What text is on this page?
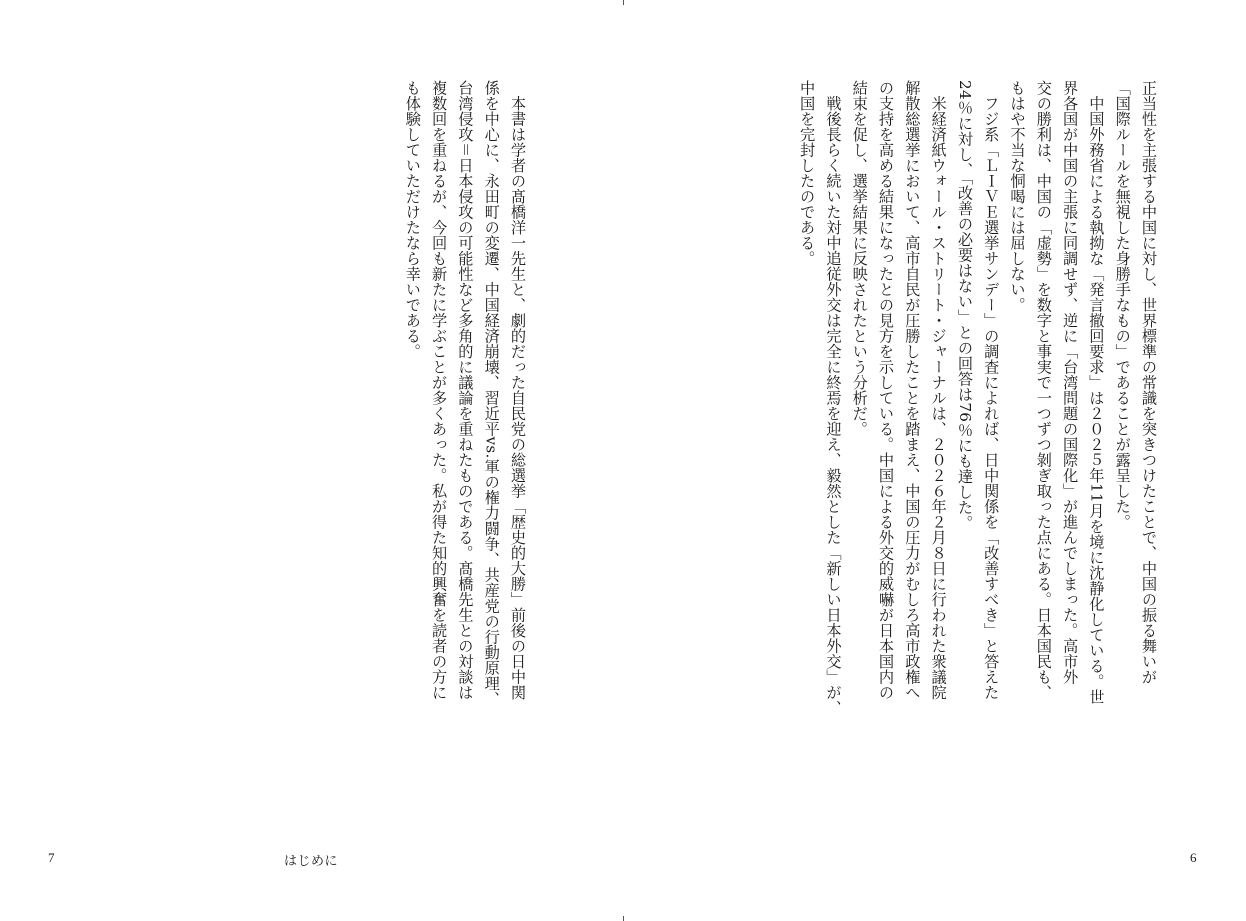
正当性を主張する中国に対し、世界標準の常識を突きつけたことで、中国の振る舞いが
「国際ルールを無視した身勝手なもの」であることが露呈した。
　中国外務省による執拗な「発言撤回要求」は２０２５年11月を境に沈静化している。世
界各国が中国の主張に同調せず、逆に「台湾問題の国際化」が進んでしまった。高市外
交の勝利は、中国の「虚勢」を数字と事実で一つずつ剝ぎ取った点にある。日本国民も、
もはや不当な恫喝には屈しない。
　フジ系「ＬＩＶＥ選挙サンデー」の調査によれば、日中関係を「改善すべき」と答えた
24％に対し、「改善の必要はない」との回答は76％にも達した。
　米経済紙ウォール・ストリート・ジャーナルは、２０２６年２月８日に行われた衆議院
解散総選挙において、高市自民が圧勝したことを踏まえ、中国の圧力がむしろ高市政権へ
の支持を高める結果になったとの見方を示している。中国による外交的威嚇が日本国内の
結束を促し、選挙結果に反映されたという分析だ。
　戦後長らく続いた対中追従外交は完全に終焉を迎え、毅然とした「新しい日本外交」が、
中国を完封したのである。
　本書は学者の髙橋洋一先生と、劇的だった自民党の総選挙「歴史的大勝」前後の日中関
係を中心に、永田町の変遷、中国経済崩壊、習近平vs.軍の権力闘争、共産党の行動原理、
台湾侵攻＝日本侵攻の可能性など多角的に議論を重ねたものである。髙橋先生との対談は
複数回を重ねるが、今回も新たに学ぶことが多くあった。私が得た知的興奮を読者の方に
も体験していただけたなら幸いである。
7	はじめに	6
